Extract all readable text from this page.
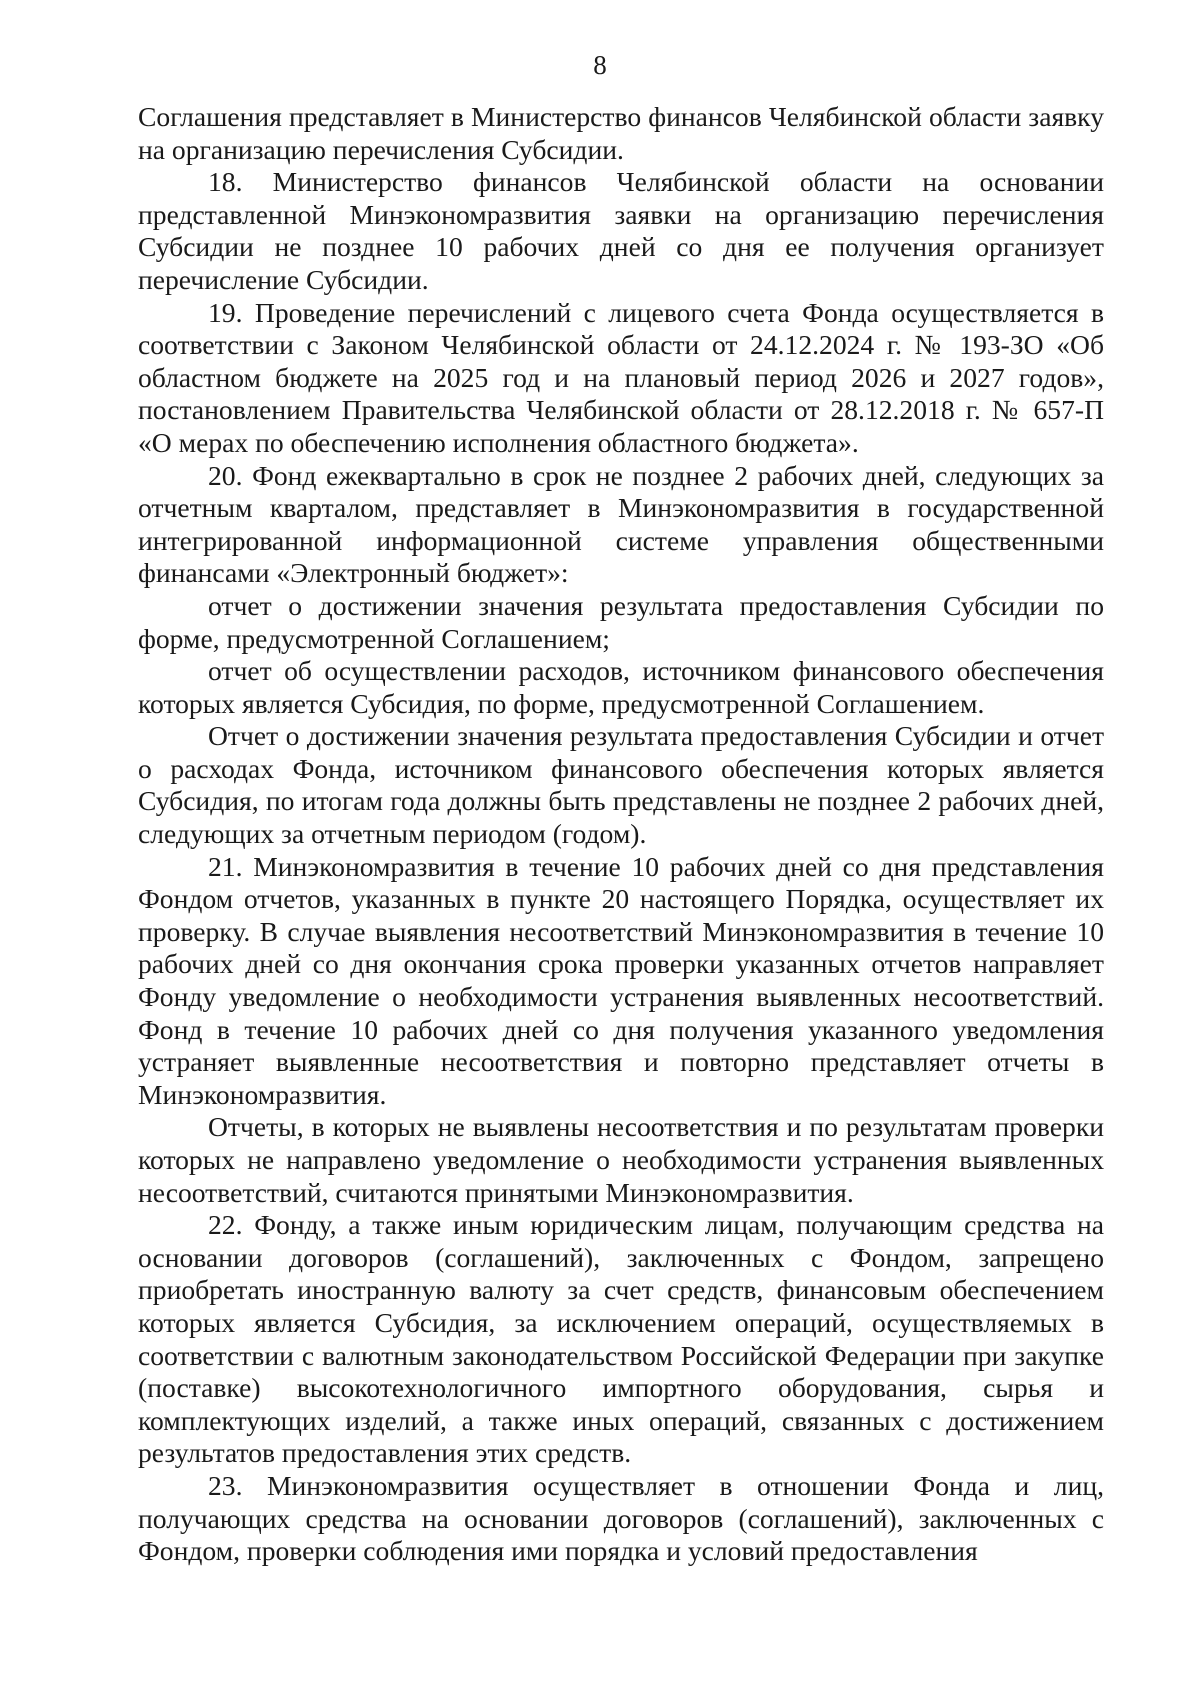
8

Соглашения представляет в Министерство финансов Челябинской области заявку на организацию перечисления Субсидии.

18. Министерство финансов Челябинской области на основании представленной Минэкономразвития заявки на организацию перечисления Субсидии не позднее 10 рабочих дней со дня ее получения организует перечисление Субсидии.

19. Проведение перечислений с лицевого счета Фонда осуществляется в соответствии с Законом Челябинской области от 24.12.2024 г. № 193-ЗО «Об областном бюджете на 2025 год и на плановый период 2026 и 2027 годов», постановлением Правительства Челябинской области от 28.12.2018 г. № 657-П «О мерах по обеспечению исполнения областного бюджета».

20. Фонд ежеквартально в срок не позднее 2 рабочих дней, следующих за отчетным кварталом, представляет в Минэкономразвития в государственной интегрированной информационной системе управления общественными финансами «Электронный бюджет»:

отчет о достижении значения результата предоставления Субсидии по форме, предусмотренной Соглашением;

отчет об осуществлении расходов, источником финансового обеспечения которых является Субсидия, по форме, предусмотренной Соглашением.

Отчет о достижении значения результата предоставления Субсидии и отчет о расходах Фонда, источником финансового обеспечения которых является Субсидия, по итогам года должны быть представлены не позднее 2 рабочих дней, следующих за отчетным периодом (годом).

21. Минэкономразвития в течение 10 рабочих дней со дня представления Фондом отчетов, указанных в пункте 20 настоящего Порядка, осуществляет их проверку. В случае выявления несоответствий Минэкономразвития в течение 10 рабочих дней со дня окончания срока проверки указанных отчетов направляет Фонду уведомление о необходимости устранения выявленных несоответствий. Фонд в течение 10 рабочих дней со дня получения указанного уведомления устраняет выявленные несоответствия и повторно представляет отчеты в Минэкономразвития.

Отчеты, в которых не выявлены несоответствия и по результатам проверки которых не направлено уведомление о необходимости устранения выявленных несоответствий, считаются принятыми Минэкономразвития.

22. Фонду, а также иным юридическим лицам, получающим средства на основании договоров (соглашений), заключенных с Фондом, запрещено приобретать иностранную валюту за счет средств, финансовым обеспечением которых является Субсидия, за исключением операций, осуществляемых в соответствии с валютным законодательством Российской Федерации при закупке (поставке) высокотехнологичного импортного оборудования, сырья и комплектующих изделий, а также иных операций, связанных с достижением результатов предоставления этих средств.

23. Минэкономразвития осуществляет в отношении Фонда и лиц, получающих средства на основании договоров (соглашений), заключенных с Фондом, проверки соблюдения ими порядка и условий предоставления
